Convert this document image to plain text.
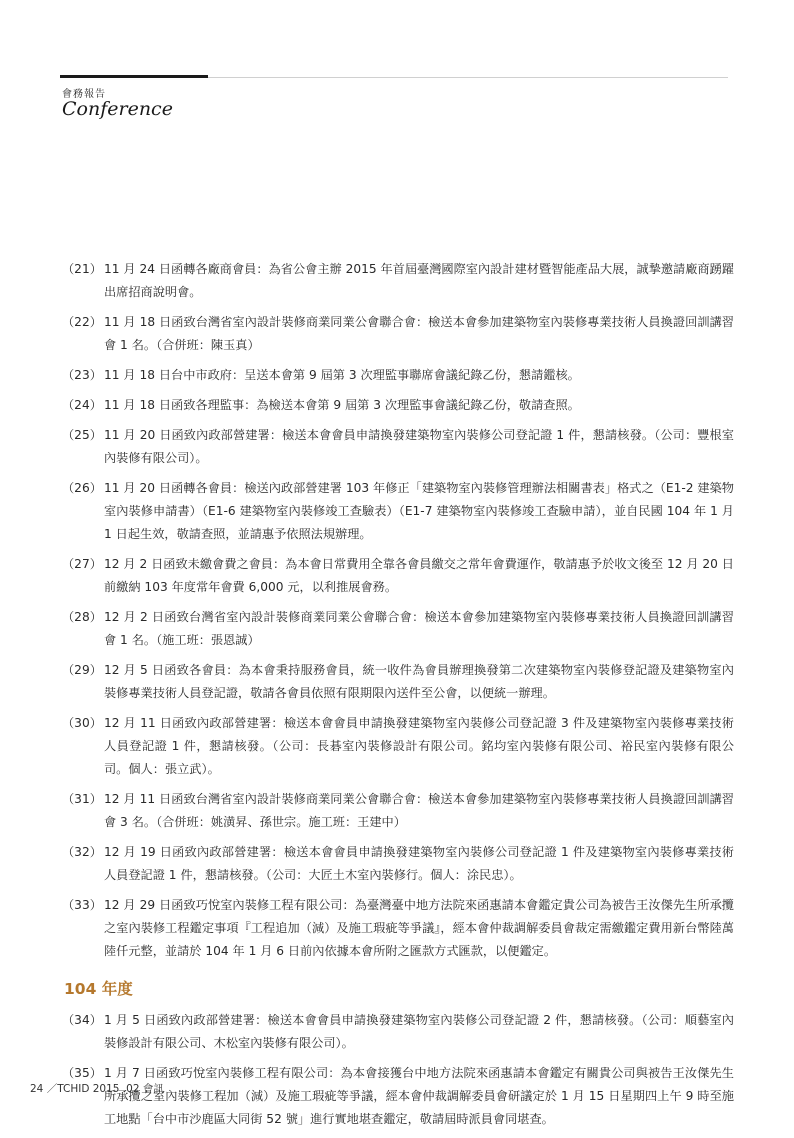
會務報告
Conference
（21） 11 月 24 日函轉各廠商會員：為省公會主辦 2015 年首屆臺灣國際室內設計建材暨智能產品大展，誠摯邀請廠商踴躍出席招商說明會。
（22） 11 月 18 日函致台灣省室內設計裝修商業同業公會聯合會：檢送本會參加建築物室內裝修專業技術人員換證回訓講習會 1 名。（合併班：陳玉真）
（23） 11 月 18 日台中市政府：呈送本會第 9 屆第 3 次理監事聯席會議紀錄乙份，懇請鑑核。
（24） 11 月 18 日函致各理監事：為檢送本會第 9 屆第 3 次理監事會議紀錄乙份，敬請查照。
（25） 11 月 20 日函致內政部營建署：檢送本會會員申請換發建築物室內裝修公司登記證 1 件，懇請核發。（公司：豐根室內裝修有限公司）。
（26） 11 月 20 日函轉各會員：檢送內政部營建署 103 年修正「建築物室內裝修管理辦法相關書表」格式之（E1-2 建築物室內裝修申請書）（E1-6 建築物室內裝修竣工查驗表）（E1-7 建築物室內裝修竣工查驗申請），並自民國 104 年 1 月 1 日起生效，敬請查照，並請惠予依照法規辦理。
（27） 12 月 2 日函致未繳會費之會員：為本會日常費用全靠各會員繳交之常年會費運作，敬請惠予於收文後至 12 月 20 日前繳納 103 年度常年會費 6,000 元，以利推展會務。
（28） 12 月 2 日函致台灣省室內設計裝修商業同業公會聯合會：檢送本會參加建築物室內裝修專業技術人員換證回訓講習會 1 名。（施工班：張恩誠）
（29） 12 月 5 日函致各會員：為本會秉持服務會員，統一收件為會員辦理換發第二次建築物室內裝修登記證及建築物室內裝修專業技術人員登記證，敬請各會員依照有限期限內送件至公會，以便統一辦理。
（30） 12 月 11 日函致內政部營建署：檢送本會會員申請換發建築物室內裝修公司登記證 3 件及建築物室內裝修專業技術人員登記證 1 件，懇請核發。（公司：長碁室內裝修設計有限公司。銘均室內裝修有限公司、裕民室內裝修有限公司。個人：張立武）。
（31） 12 月 11 日函致台灣省室內設計裝修商業同業公會聯合會：檢送本會參加建築物室內裝修專業技術人員換證回訓講習會 3 名。（合併班：姚潢昇、孫世宗。施工班：王建中）
（32） 12 月 19 日函致內政部營建署：檢送本會會員申請換發建築物室內裝修公司登記證 1 件及建築物室內裝修專業技術人員登記證 1 件，懇請核發。（公司：大匠土木室內裝修行。個人：涂民忠）。
（33） 12 月 29 日函致巧悅室內裝修工程有限公司：為臺灣臺中地方法院來函惠請本會鑑定貴公司為被告王汝傑先生所承攬之室內裝修工程鑑定事項『工程追加（減）及施工瑕疵等爭議』，經本會仲裁調解委員會裁定需繳鑑定費用新台幣陸萬陸仟元整，並請於 104 年 1 月 6 日前內依據本會所附之匯款方式匯款，以便鑑定。
104 年度
（34） 1 月 5 日函致內政部營建署：檢送本會會員申請換發建築物室內裝修公司登記證 2 件，懇請核發。（公司：順藝室內裝修設計有限公司、木松室內裝修有限公司）。
（35） 1 月 7 日函致巧悅室內裝修工程有限公司：為本會接獲台中地方法院來函惠請本會鑑定有關貴公司與被告王汝傑先生所承攬之室內裝修工程加（減）及施工瑕疵等爭議，經本會仲裁調解委員會研議定於 1 月 15 日星期四上午 9 時至施工地點「台中市沙鹿區大同街 52 號」進行實地堪查鑑定，敬請屆時派員會同堪查。
24 ／TCHID 2015 .02 會訊
